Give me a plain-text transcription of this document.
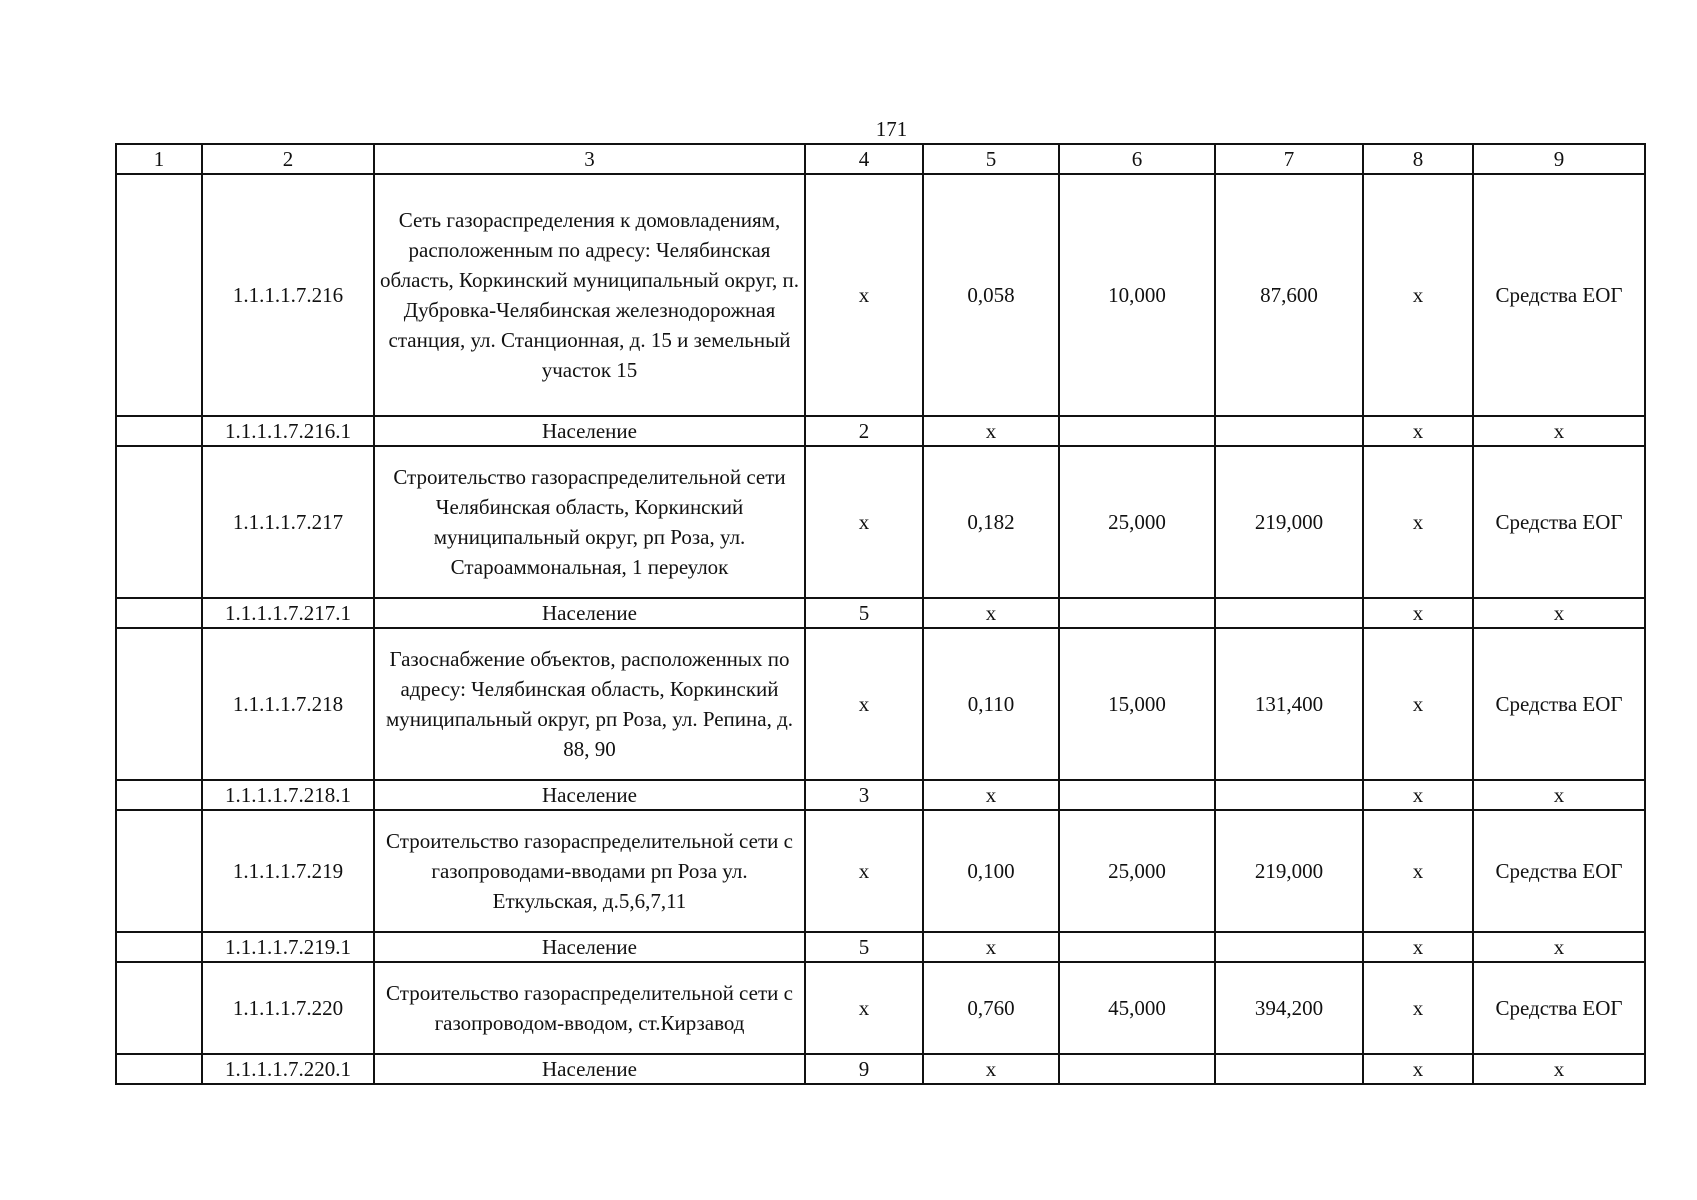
171
1	2	3	4	5	6	7	8	9
	1.1.1.1.7.216	Сеть газораспределения к домовладениям, расположенным по адресу: Челябинская область, Коркинский муниципальный округ, п. Дубровка-Челябинская железнодорожная станция, ул. Станционная, д. 15 и земельный участок 15	х	0,058	10,000	87,600	х	Средства ЕОГ
	1.1.1.1.7.216.1	Население	2	х			х	х
	1.1.1.1.7.217	Строительство газораспределительной сети Челябинская область, Коркинский муниципальный округ, рп Роза, ул. Староаммональная, 1 переулок	х	0,182	25,000	219,000	х	Средства ЕОГ
	1.1.1.1.7.217.1	Население	5	х			х	х
	1.1.1.1.7.218	Газоснабжение объектов, расположенных по адресу: Челябинская область, Коркинский муниципальный округ, рп Роза, ул. Репина, д. 88, 90	х	0,110	15,000	131,400	х	Средства ЕОГ
	1.1.1.1.7.218.1	Население	3	х			х	х
	1.1.1.1.7.219	Строительство газораспределительной сети с газопроводами-вводами рп Роза ул. Еткульская, д.5,6,7,11	х	0,100	25,000	219,000	х	Средства ЕОГ
	1.1.1.1.7.219.1	Население	5	х			х	х
	1.1.1.1.7.220	Строительство газораспределительной сети с газопроводом-вводом, ст.Кирзавод	х	0,760	45,000	394,200	х	Средства ЕОГ
	1.1.1.1.7.220.1	Население	9	х			х	х
